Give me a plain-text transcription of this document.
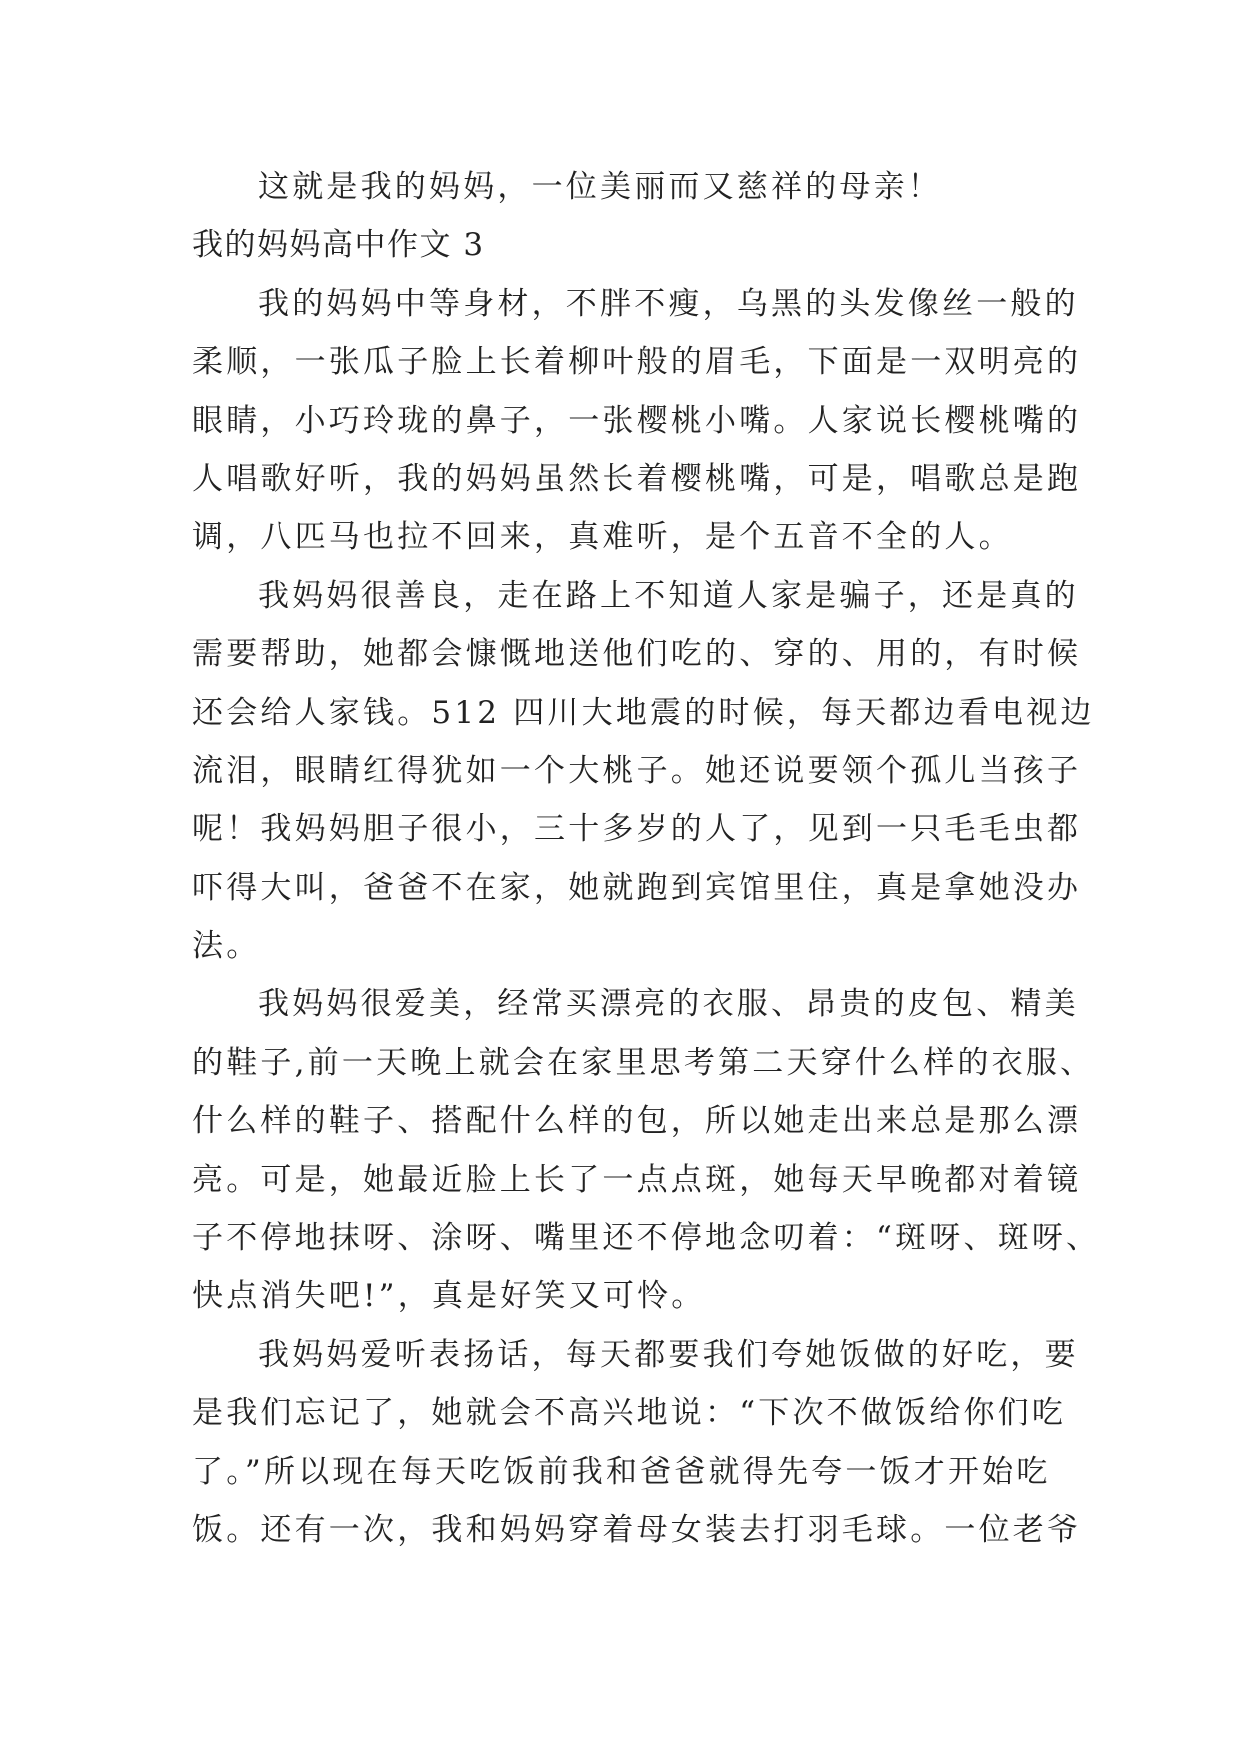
这就是我的妈妈，一位美丽而又慈祥的母亲！
我的妈妈高中作文 3
我的妈妈中等身材，不胖不瘦，乌黑的头发像丝一般的
柔顺，一张瓜子脸上长着柳叶般的眉毛，下面是一双明亮的
眼睛，小巧玲珑的鼻子，一张樱桃小嘴。人家说长樱桃嘴的
人唱歌好听，我的妈妈虽然长着樱桃嘴，可是，唱歌总是跑
调，八匹马也拉不回来，真难听，是个五音不全的人。
我妈妈很善良，走在路上不知道人家是骗子，还是真的
需要帮助，她都会慷慨地送他们吃的、穿的、用的，有时候
还会给人家钱。512 四川大地震的时候，每天都边看电视边
流泪，眼睛红得犹如一个大桃子。她还说要领个孤儿当孩子
呢！我妈妈胆子很小，三十多岁的人了，见到一只毛毛虫都
吓得大叫，爸爸不在家，她就跑到宾馆里住，真是拿她没办
法。
我妈妈很爱美，经常买漂亮的衣服、昂贵的皮包、精美
的鞋子,前一天晚上就会在家里思考第二天穿什么样的衣服、
什么样的鞋子、搭配什么样的包，所以她走出来总是那么漂
亮。可是，她最近脸上长了一点点斑，她每天早晚都对着镜
子不停地抹呀、涂呀、嘴里还不停地念叨着：“斑呀、斑呀、
快点消失吧!”，真是好笑又可怜。
我妈妈爱听表扬话，每天都要我们夸她饭做的好吃，要
是我们忘记了，她就会不高兴地说：“下次不做饭给你们吃
了。”所以现在每天吃饭前我和爸爸就得先夸一饭才开始吃
饭。还有一次，我和妈妈穿着母女装去打羽毛球。一位老爷
